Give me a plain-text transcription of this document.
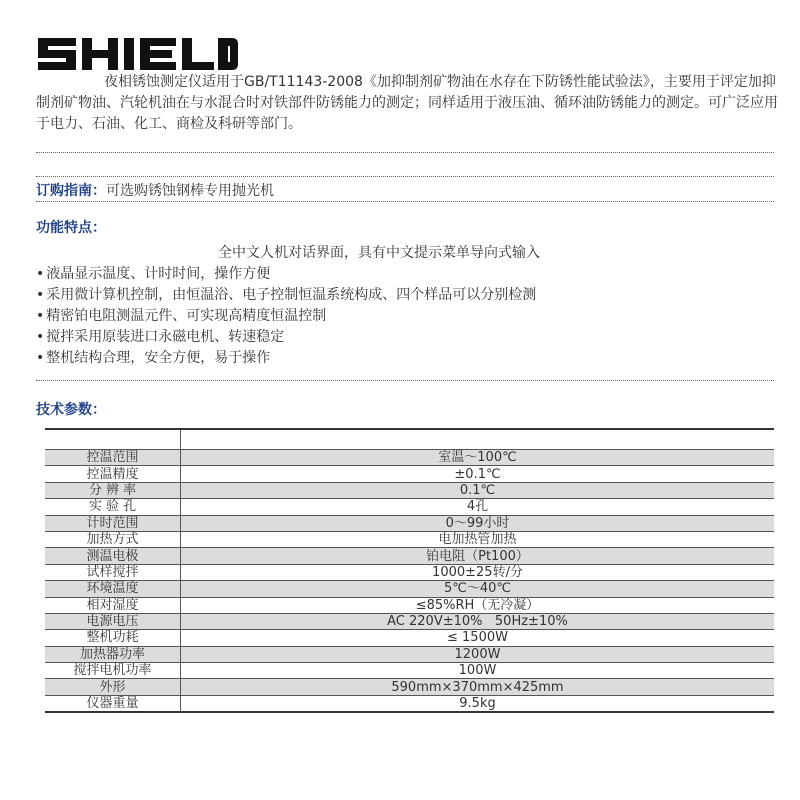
夜相锈蚀测定仪适用于GB/T11143-2008《加抑制剂矿物油在水存在下防锈性能试验法》，主要用于评定加抑制剂矿物油、汽轮机油在与水混合时对铁部件防锈能力的测定；同样适用于液压油、循环油防锈能力的测定。可广泛应用于电力、石油、化工、商检及科研等部门。

订购指南：可选购锈蚀钢棒专用抛光机
功能特点：
全中文人机对话界面，具有中文提示菜单导向式输入
• 液晶显示温度、计时时间，操作方便
• 采用微计算机控制，由恒温浴、电子控制恒温系统构成、四个样品可以分别检测
• 精密铂电阻测温元件、可实现高精度恒温控制
• 搅拌采用原装进口永磁电机、转速稳定
• 整机结构合理，安全方便，易于操作
技术参数：

控温范围	室温～100℃
控温精度	±0.1℃
分 辨 率	0.1℃
实 验 孔	4孔
计时范围	0～99小时
加热方式	电加热管加热
测温电极	铂电阻（Pt100）
试样搅拌	1000±25转/分
环境温度	5℃～40℃
相对湿度	≤85%RH（无冷凝）
电源电压	AC 220V±10%   50Hz±10%
整机功耗	≤ 1500W
加热器功率	1200W
搅拌电机功率	100W
外形	590mm×370mm×425mm
仪器重量	9.5kg
